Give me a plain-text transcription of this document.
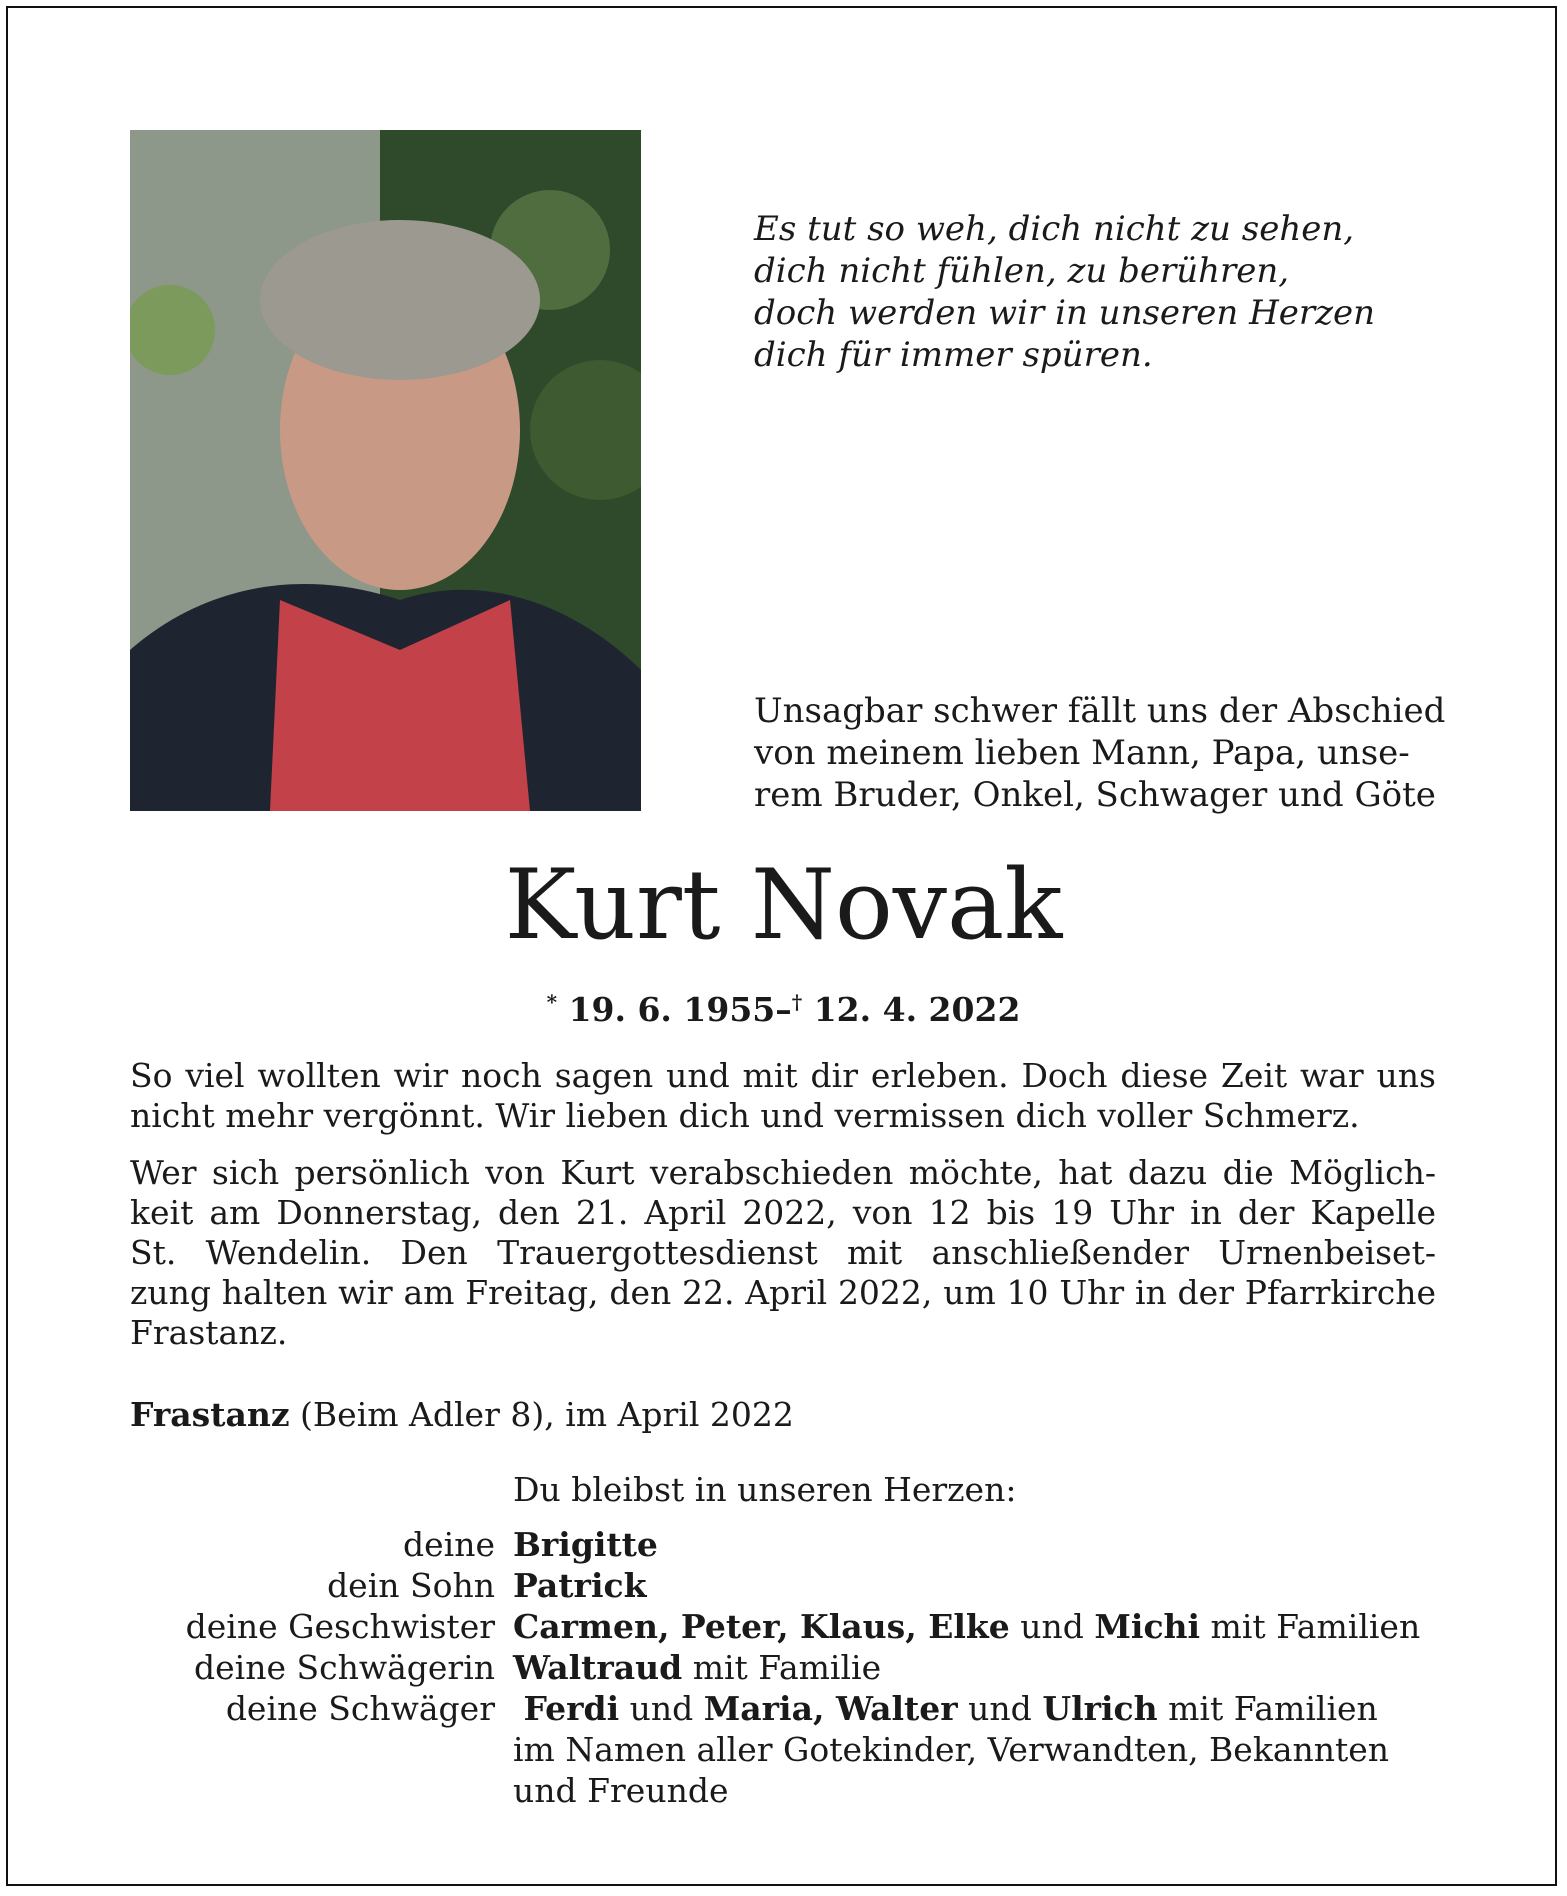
Es tut so weh, dich nicht zu sehen,
dich nicht fühlen, zu berühren,
doch werden wir in unseren Herzen
dich für immer spüren.
Unsagbar schwer fällt uns der Abschied
von meinem lieben Mann, Papa, unse-
rem Bruder, Onkel, Schwager und Göte
Kurt Novak
* 19. 6. 1955–† 12. 4. 2022
So viel wollten wir noch sagen und mit dir erleben. Doch diese Zeit war uns
nicht mehr vergönnt. Wir lieben dich und vermissen dich voller Schmerz.
Wer sich persönlich von Kurt verabschieden möchte, hat dazu die Möglich-
keit am Donnerstag, den 21. April 2022, von 12 bis 19 Uhr in der Kapelle
St. Wendelin. Den Trauergottesdienst mit anschließender Urnenbeiset-
zung halten wir am Freitag, den 22. April 2022, um 10 Uhr in der Pfarrkirche
Frastanz.
Frastanz (Beim Adler 8), im April 2022
Du bleibst in unseren Herzen:
deine Brigitte
dein Sohn Patrick
deine Geschwister Carmen, Peter, Klaus, Elke und Michi mit Familien
deine Schwägerin Waltraud mit Familie
deine Schwäger Ferdi und Maria, Walter und Ulrich mit Familien
im Namen aller Gotekinder, Verwandten, Bekannten
und Freunde
